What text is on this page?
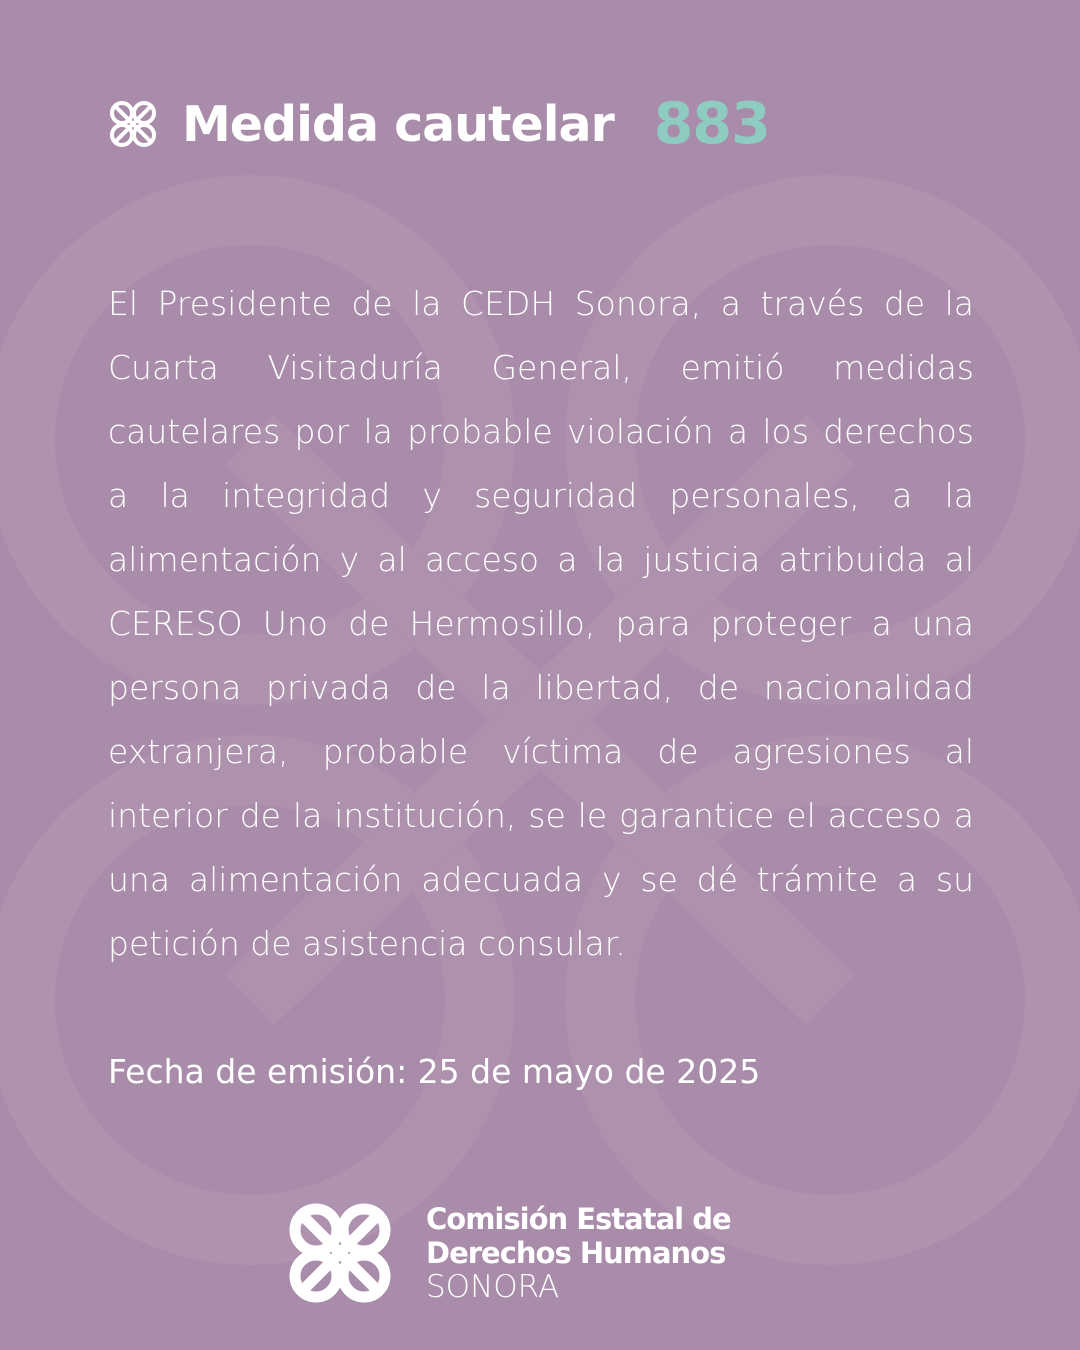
Medida cautelar 883
El Presidente de la CEDH Sonora, a través de la Cuarta Visitaduría General, emitió medidas cautelares por la probable violación a los derechos a la integridad y seguridad personales, a la alimentación y al acceso a la justicia atribuida al CERESO Uno de Hermosillo, para proteger a una persona privada de la libertad, de nacionalidad extranjera, probable víctima de agresiones al interior de la institución, se le garantice el acceso a una alimentación adecuada y se dé trámite a su petición de asistencia consular.
Fecha de emisión: 25 de mayo de 2025
Comisión Estatal de
Derechos Humanos
SONORA
